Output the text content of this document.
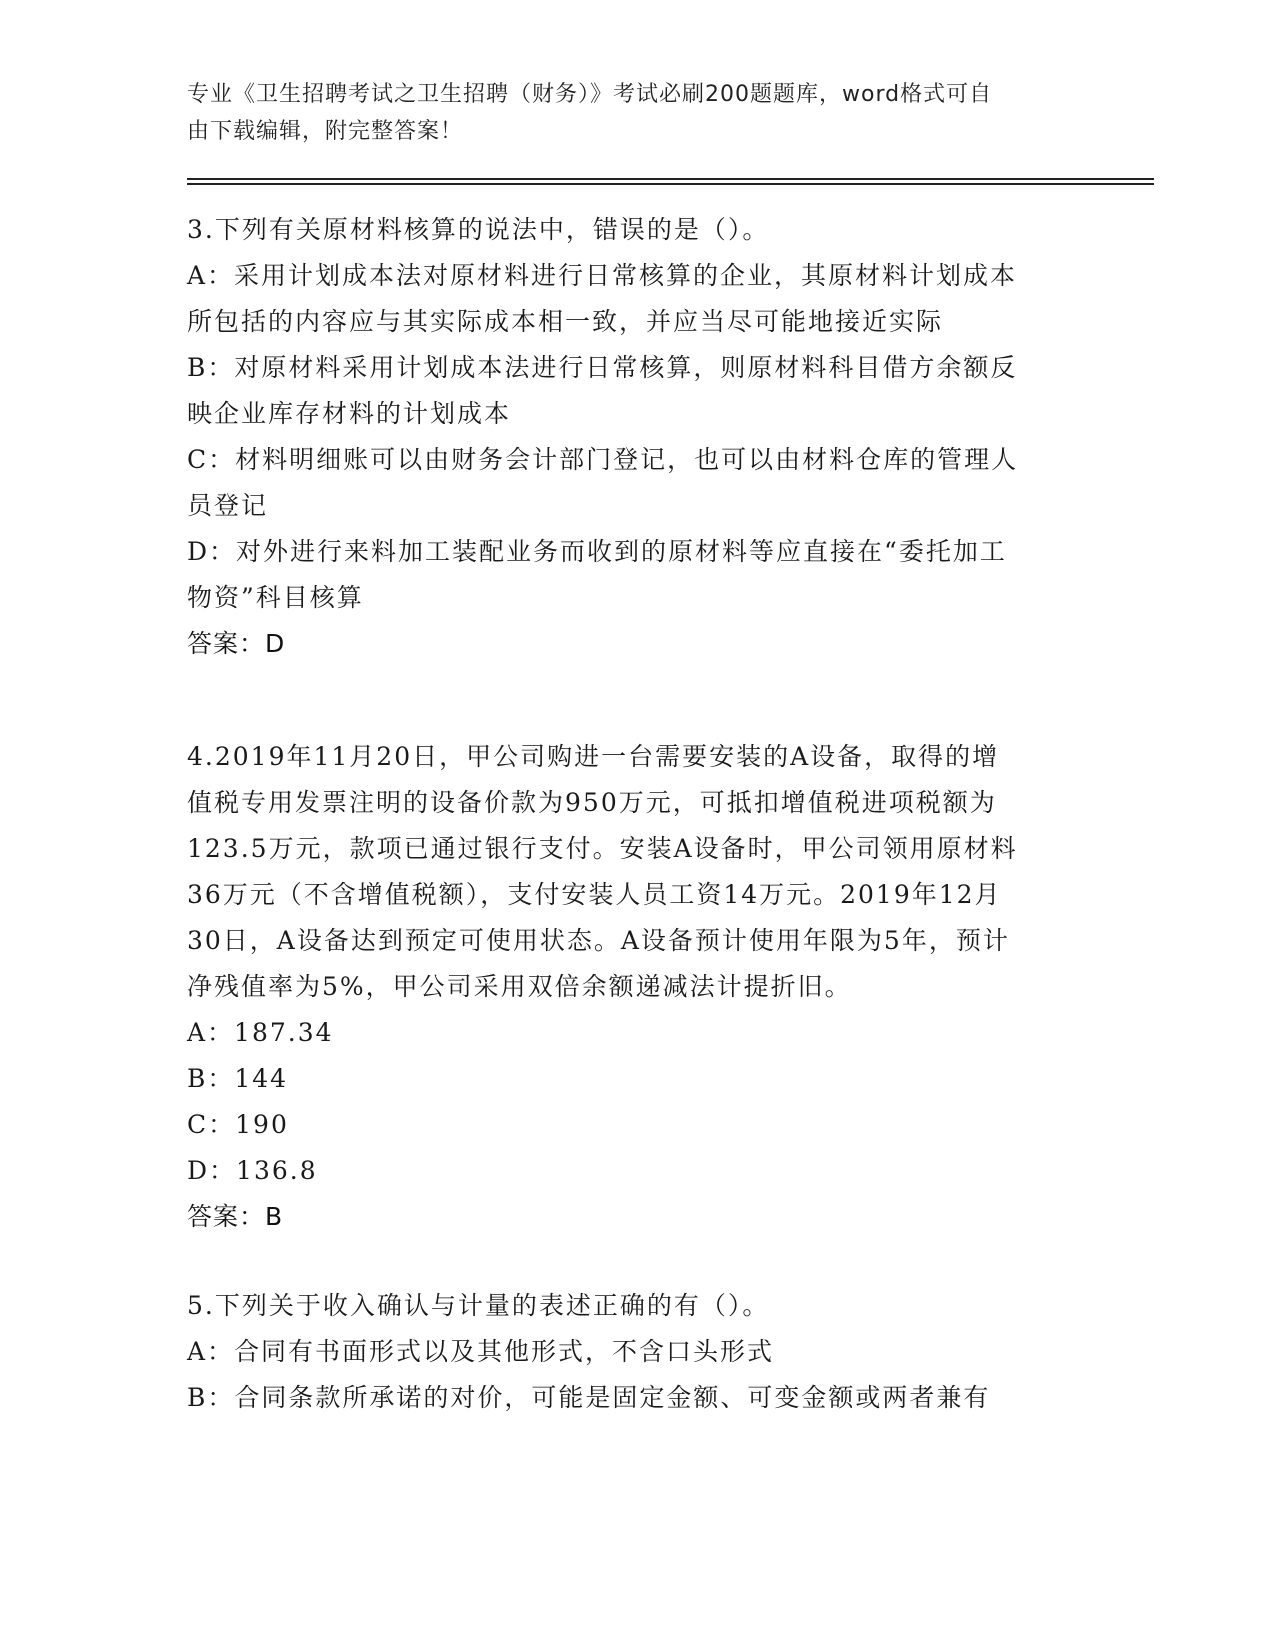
专业《卫生招聘考试之卫生招聘（财务）》考试必刷200题题库，word格式可自
由下载编辑，附完整答案！
3.下列有关原材料核算的说法中，错误的是（）。
A：采用计划成本法对原材料进行日常核算的企业，其原材料计划成本
所包括的内容应与其实际成本相一致，并应当尽可能地接近实际
B：对原材料采用计划成本法进行日常核算，则原材料科目借方余额反
映企业库存材料的计划成本
C：材料明细账可以由财务会计部门登记，也可以由材料仓库的管理人
员登记
D：对外进行来料加工装配业务而收到的原材料等应直接在“委托加工
物资”科目核算
答案：D
4.2019年11月20日，甲公司购进一台需要安装的A设备，取得的增
值税专用发票注明的设备价款为950万元，可抵扣增值税进项税额为
123.5万元，款项已通过银行支付。安装A设备时，甲公司领用原材料
36万元（不含增值税额），支付安装人员工资14万元。2019年12月
30日，A设备达到预定可使用状态。A设备预计使用年限为5年，预计
净残值率为5%，甲公司采用双倍余额递减法计提折旧。
A：187.34
B：144
C：190
D：136.8
答案：B
5.下列关于收入确认与计量的表述正确的有（）。
A：合同有书面形式以及其他形式，不含口头形式
B：合同条款所承诺的对价，可能是固定金额、可变金额或两者兼有
